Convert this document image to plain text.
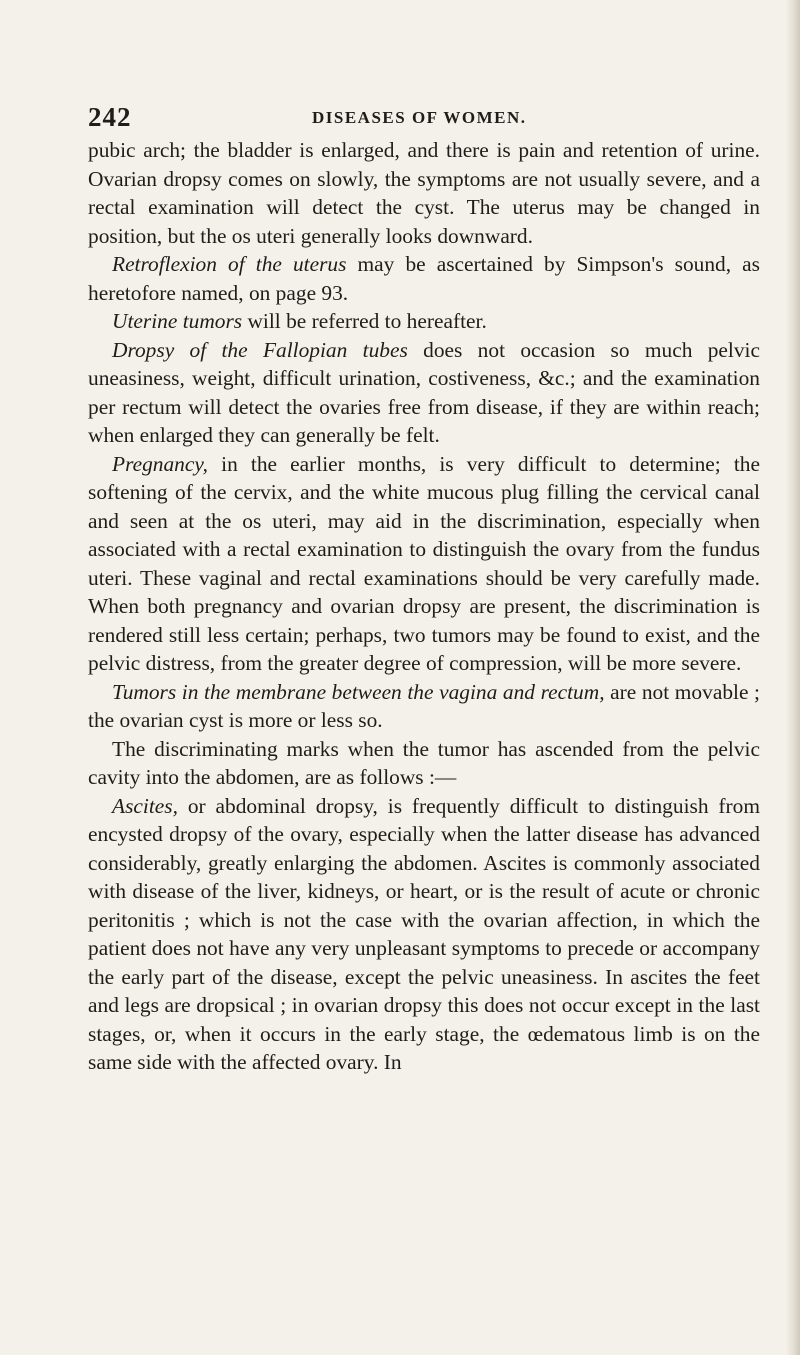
242	DISEASES OF WOMEN.

pubic arch; the bladder is enlarged, and there is pain and retention of urine. Ovarian dropsy comes on slowly, the symptoms are not usually severe, and a rectal examination will detect the cyst. The uterus may be changed in position, but the os uteri generally looks downward.

Retroflexion of the uterus may be ascertained by Simpson's sound, as heretofore named, on page 93.

Uterine tumors will be referred to hereafter.

Dropsy of the Fallopian tubes does not occasion so much pelvic uneasiness, weight, difficult urination, costiveness, &c.; and the examination per rectum will detect the ovaries free from disease, if they are within reach; when enlarged they can generally be felt.

Pregnancy, in the earlier months, is very difficult to determine; the softening of the cervix, and the white mucous plug filling the cervical canal and seen at the os uteri, may aid in the discrimination, especially when associated with a rectal examination to distinguish the ovary from the fundus uteri. These vaginal and rectal examinations should be very carefully made. When both pregnancy and ovarian dropsy are present, the discrimination is rendered still less certain; perhaps, two tumors may be found to exist, and the pelvic distress, from the greater degree of compression, will be more severe.

Tumors in the membrane between the vagina and rectum, are not movable ; the ovarian cyst is more or less so.

The discriminating marks when the tumor has ascended from the pelvic cavity into the abdomen, are as follows :—

Ascites, or abdominal dropsy, is frequently difficult to distinguish from encysted dropsy of the ovary, especially when the latter disease has advanced considerably, greatly enlarging the abdomen. Ascites is commonly associated with disease of the liver, kidneys, or heart, or is the result of acute or chronic peritonitis ; which is not the case with the ovarian affection, in which the patient does not have any very unpleasant symptoms to precede or accompany the early part of the disease, except the pelvic uneasiness. In ascites the feet and legs are dropsical ; in ovarian dropsy this does not occur except in the last stages, or, when it occurs in the early stage, the œdematous limb is on the same side with the affected ovary. In
